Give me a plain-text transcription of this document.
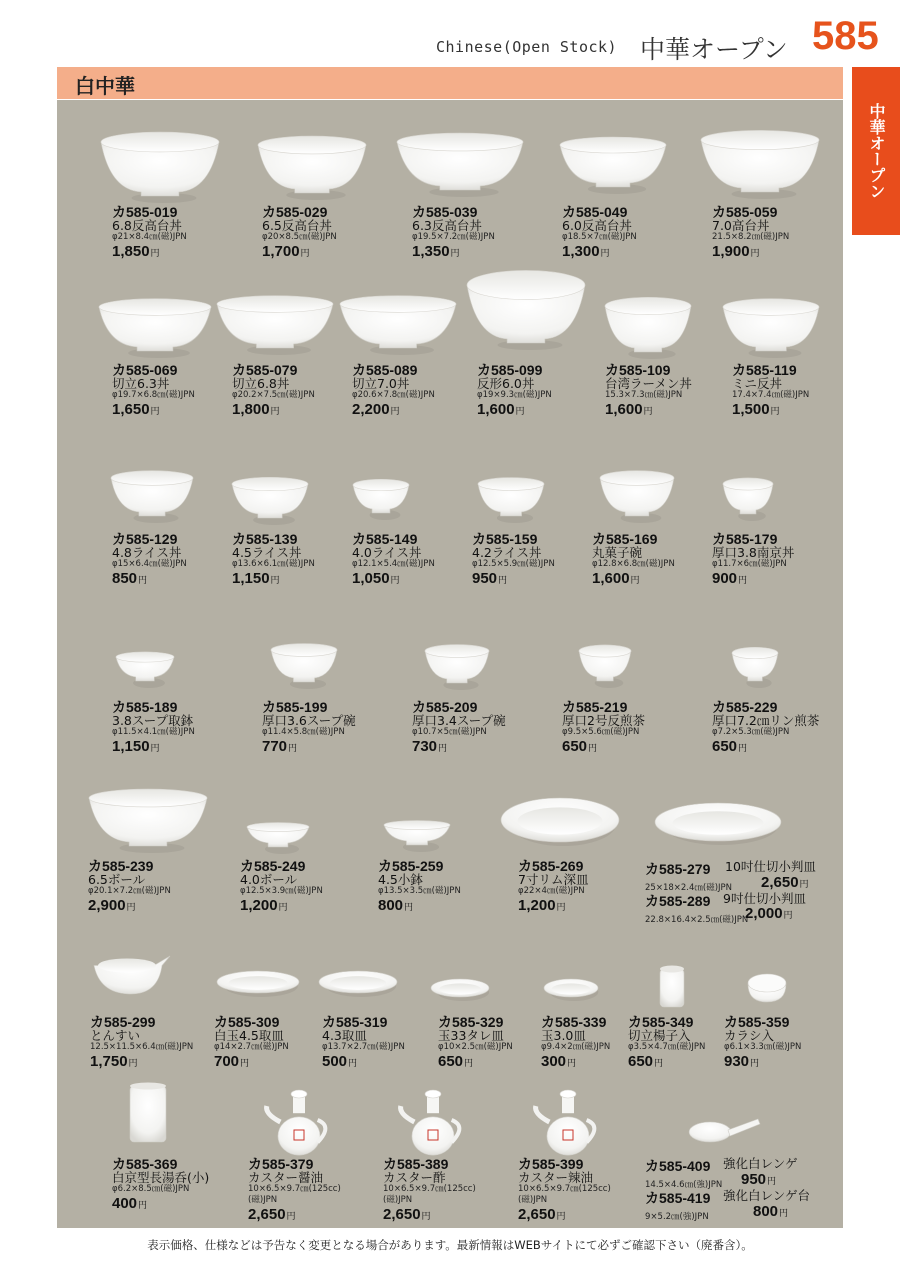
Chinese(Open Stock) 中華オープン 585
白中華
中華オープン
カ585-019
6.8反高台丼
φ21×8.4㎝(磁)JPN
1,850円
カ585-029
6.5反高台丼
φ20×8.5㎝(磁)JPN
1,700円
カ585-039
6.3反高台丼
φ19.5×7.2㎝(磁)JPN
1,350円
カ585-049
6.0反高台丼
φ18.5×7㎝(磁)JPN
1,300円
カ585-059
7.0高台丼
21.5×8.2㎝(磁)JPN
1,900円
カ585-069
切立6.3丼
φ19.7×6.8㎝(磁)JPN
1,650円
カ585-079
切立6.8丼
φ20.2×7.5㎝(磁)JPN
1,800円
カ585-089
切立7.0丼
φ20.6×7.8㎝(磁)JPN
2,200円
カ585-099
反形6.0丼
φ19×9.3㎝(磁)JPN
1,600円
カ585-109
台湾ラーメン丼
15.3×7.3㎝(磁)JPN
1,600円
カ585-119
ミニ反丼
17.4×7.4㎝(磁)JPN
1,500円
カ585-129
4.8ライス丼
φ15×6.4㎝(磁)JPN
850円
カ585-139
4.5ライス丼
φ13.6×6.1㎝(磁)JPN
1,150円
カ585-149
4.0ライス丼
φ12.1×5.4㎝(磁)JPN
1,050円
カ585-159
4.2ライス丼
φ12.5×5.9㎝(磁)JPN
950円
カ585-169
丸菓子碗
φ12.8×6.8㎝(磁)JPN
1,600円
カ585-179
厚口3.8南京丼
φ11.7×6㎝(磁)JPN
900円
カ585-189
3.8スープ取鉢
φ11.5×4.1㎝(磁)JPN
1,150円
カ585-199
厚口3.6スープ碗
φ11.4×5.8㎝(磁)JPN
770円
カ585-209
厚口3.4スープ碗
φ10.7×5㎝(磁)JPN
730円
カ585-219
厚口2号反煎茶
φ9.5×5.6㎝(磁)JPN
650円
カ585-229
厚口7.2㎝リン煎茶
φ7.2×5.3㎝(磁)JPN
650円
カ585-239
6.5ボール
φ20.1×7.2㎝(磁)JPN
2,900円
カ585-249
4.0ボール
φ12.5×3.9㎝(磁)JPN
1,200円
カ585-259
4.5小鉢
φ13.5×3.5㎝(磁)JPN
800円
カ585-269
7寸リム深皿
φ22×4㎝(磁)JPN
1,200円
カ585-299
とんすい
12.5×11.5×6.4㎝(磁)JPN
1,750円
カ585-309
白玉4.5取皿
φ14×2.7㎝(磁)JPN
700円
カ585-319
4.3取皿
φ13.7×2.7㎝(磁)JPN
500円
カ585-329
玉33タレ皿
φ10×2.5㎝(磁)JPN
650円
カ585-339
玉3.0皿
φ9.4×2㎝(磁)JPN
300円
カ585-349
切立楊子入
φ3.5×4.7㎝(磁)JPN
650円
カ585-359
カラシ入
φ6.1×3.3㎝(磁)JPN
930円
カ585-369
白京型長湯呑(小)
φ6.2×8.5㎝(磁)JPN
400円
カ585-379
カスター醤油
10×6.5×9.7㎝(125cc)
(磁)JPN
2,650円
カ585-389
カスター酢
10×6.5×9.7㎝(125cc)
(磁)JPN
2,650円
カ585-399
カスター辣油
10×6.5×9.7㎝(125cc)
(磁)JPN
2,650円
カ585-279 10吋仕切小判皿
25×18×2.4㎝(磁)JPN 2,650円
カ585-289 9吋仕切小判皿
22.8×16.4×2.5㎝(磁)JPN
2,000円
カ585-409 強化白レンゲ
14.5×4.6㎝(強)JPN 950円
カ585-419 強化白レンゲ台
9×5.2㎝(強)JPN	800円
表示価格、仕様などは予告なく変更となる場合があります。最新情報はWEBサイトにて必ずご確認下さい（廃番含）。
